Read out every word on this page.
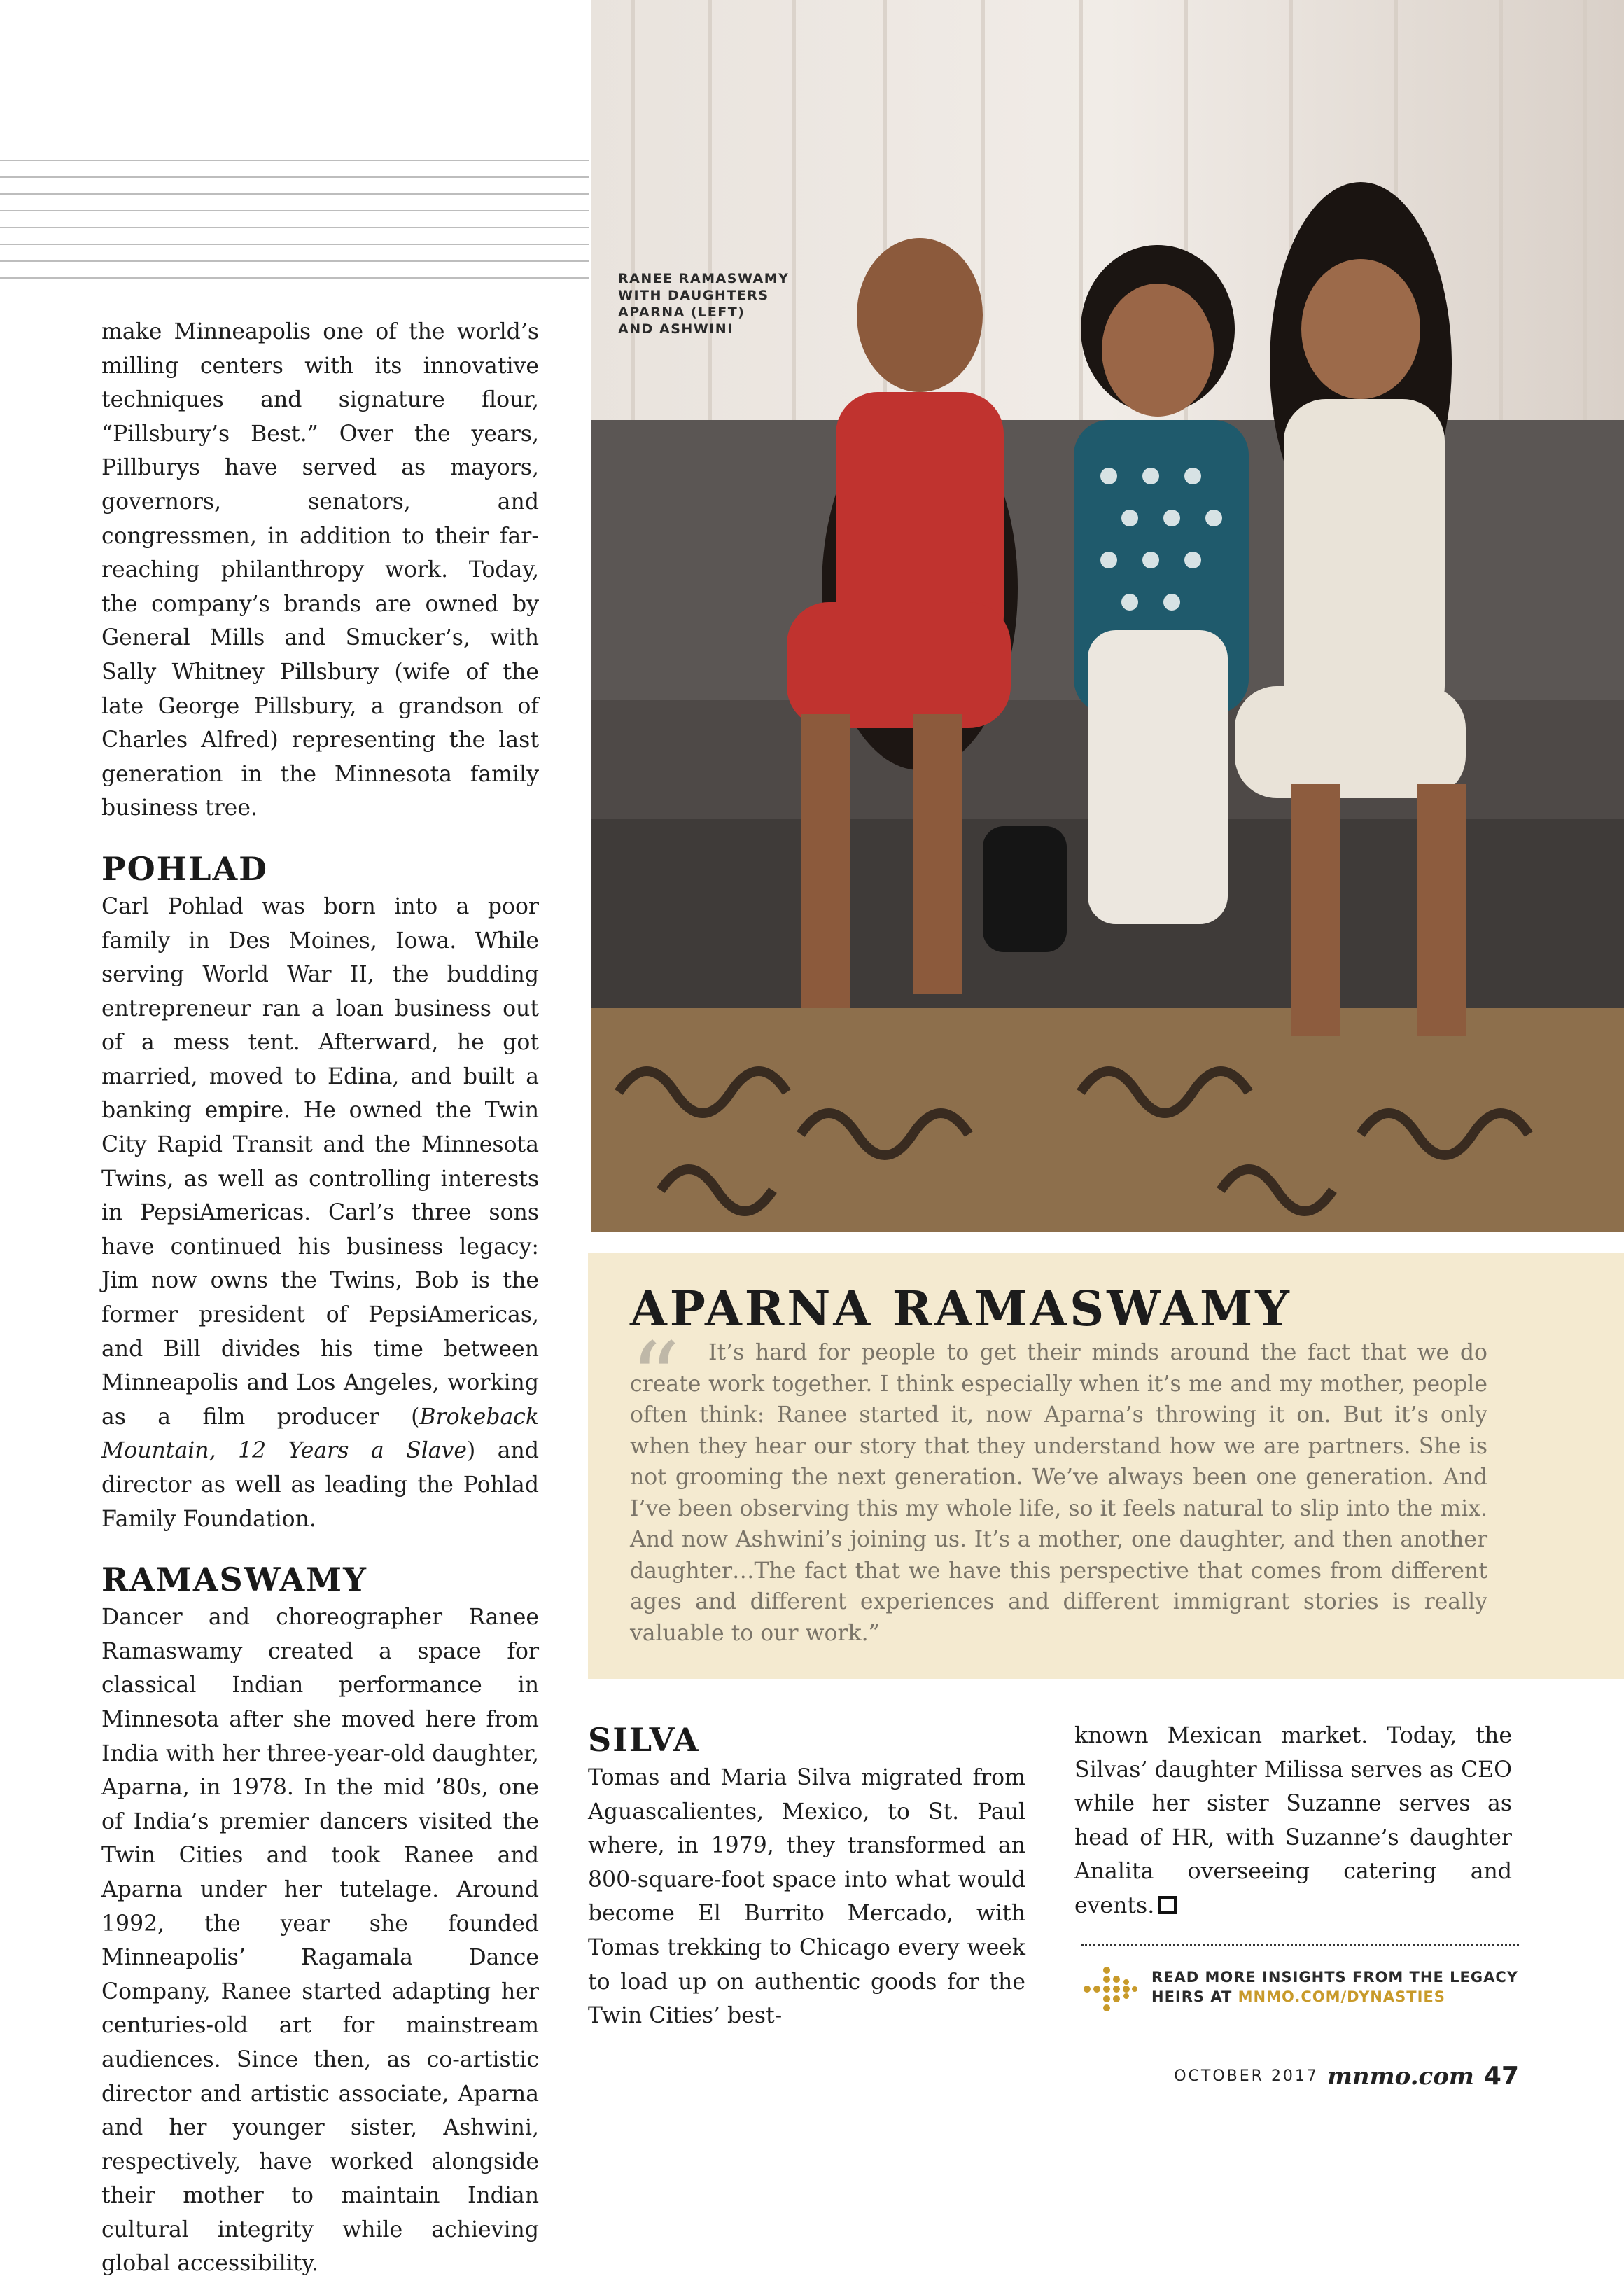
make Minneapolis one of the world’s milling centers with its innovative techniques and signature flour, “Pillsbury’s Best.” Over the years, Pillburys have served as mayors, governors, senators, and congressmen, in addition to their far-reaching philanthropy work. Today, the company’s brands are owned by General Mills and Smucker’s, with Sally Whitney Pillsbury (wife of the late George Pillsbury, a grandson of Charles Alfred) representing the last generation in the Minnesota family business tree.

POHLAD

Carl Pohlad was born into a poor family in Des Moines, Iowa. While serving World War II, the budding entrepreneur ran a loan business out of a mess tent. Afterward, he got married, moved to Edina, and built a banking empire. He owned the Twin City Rapid Transit and the Minnesota Twins, as well as controlling interests in PepsiAmericas. Carl’s three sons have continued his business legacy: Jim now owns the Twins, Bob is the former president of PepsiAmericas, and Bill divides his time between Minneapolis and Los Angeles, working as a film producer (Brokeback Mountain, 12 Years a Slave) and director as well as leading the Pohlad Family Foundation.

RAMASWAMY

Dancer and choreographer Ranee Ramaswamy created a space for classical Indian performance in Minnesota after she moved here from India with her three-year-old daughter, Aparna, in 1978. In the mid ’80s, one of India’s premier dancers visited the Twin Cities and took Ranee and Aparna under her tutelage. Around 1992, the year she founded Minneapolis’ Ragamala Dance Company, Ranee started adapting her centuries-old art for mainstream audiences. Since then, as co-artistic director and artistic associate, Aparna and her younger sister, Ashwini, respectively, have worked alongside their mother to maintain Indian cultural integrity while achieving global accessibility.

RANEE RAMASWAMY
WITH DAUGHTERS
APARNA (LEFT)
AND ASHWINI
APARNA RAMASWAMY
“	It’s hard for people to get their minds around the fact that we do create work together. I think especially when it’s me and my mother, people often think: Ranee started it, now Aparna’s throwing it on. But it’s only when they hear our story that they understand how we are partners. She is not grooming the next generation. We’ve always been one generation. And I’ve been observing this my whole life, so it feels natural to slip into the mix. And now Ashwini’s joining us. It’s a mother, one daughter, and then another daughter…The fact that we have this perspective that comes from different ages and different experiences and different immigrant stories is really valuable to our work.”
SILVA

Tomas and Maria Silva migrated from Aguascalientes, Mexico, to St. Paul where, in 1979, they transformed an 800-square-foot space into what would become El Burrito Mercado, with Tomas trekking to Chicago every week to load up on authentic goods for the Twin Cities’ best-

known Mexican market. Today, the Silvas’ daughter Milissa serves as CEO while her sister Suzanne serves as head of HR, with Suzanne’s daughter Analita overseeing catering and events.

READ MORE INSIGHTS FROM THE LEGACY HEIRS AT MNMO.COM/DYNASTIES
OCTOBER 2017 mnmo.com 47
